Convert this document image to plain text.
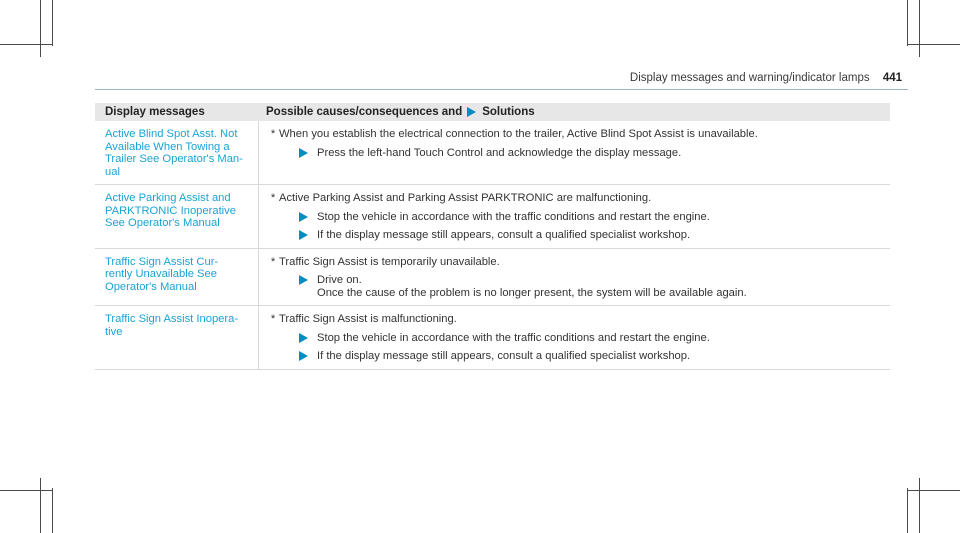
Display messages and warning/indicator lamps 441
Display messages	Possible causes/consequences and Solutions
Active Blind Spot Asst. Not
Available When Towing a
Trailer See Operator's Man-
ual
* When you establish the electrical connection to the trailer, Active Blind Spot Assist is unavailable.
Press the left-hand Touch Control and acknowledge the display message.
Active Parking Assist and
PARKTRONIC Inoperative
See Operator's Manual
* Active Parking Assist and Parking Assist PARKTRONIC are malfunctioning.
Stop the vehicle in accordance with the traffic conditions and restart the engine.
If the display message still appears, consult a qualified specialist workshop.
Traffic Sign Assist Cur-
rently Unavailable See
Operator's Manual
* Traffic Sign Assist is temporarily unavailable.
Drive on.
Once the cause of the problem is no longer present, the system will be available again.
Traffic Sign Assist Inopera-
tive
* Traffic Sign Assist is malfunctioning.
Stop the vehicle in accordance with the traffic conditions and restart the engine.
If the display message still appears, consult a qualified specialist workshop.
